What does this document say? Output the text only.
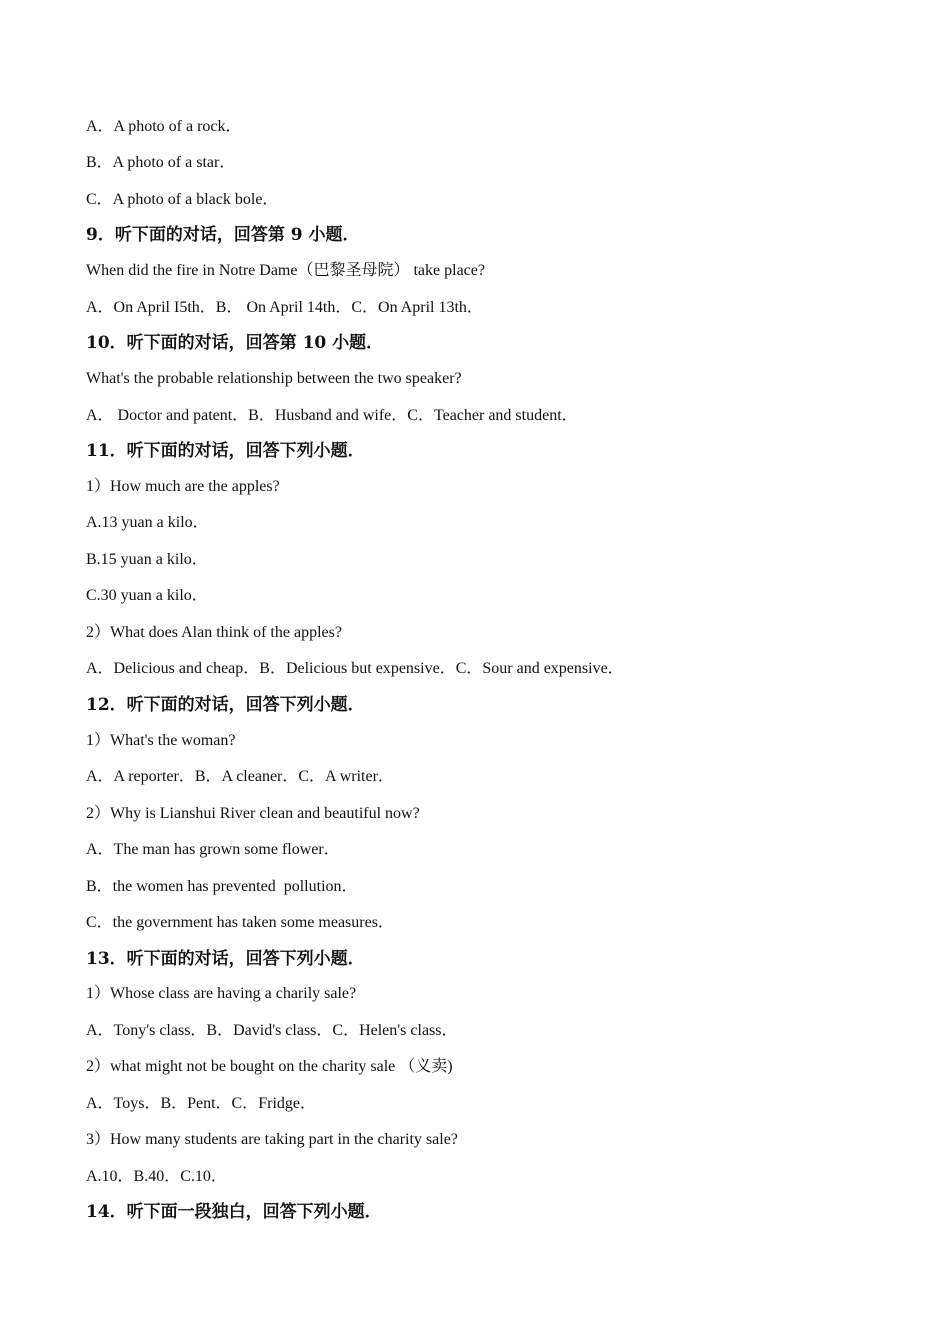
A．A photo of a rock．
B．A photo of a star．
C．A photo of a black bole．
9．听下面的对话，回答第 9 小题．
When did the fire in Notre Dame（巴黎圣母院） take place?
A．On April I5th．B． On April 14th．C．On April 13th．
10．听下面的对话，回答第 10 小题．
What's the probable relationship between the two speaker?
A． Doctor and patent．B．Husband and wife．C．Teacher and student．
11．听下面的对话，回答下列小题．
1）How much are the apples?
A.13 yuan a kilo．
B.15 yuan a kilo．
C.30 yuan a kilo．
2）What does Alan think of the apples?
A．Delicious and cheap．B．Delicious but expensive．C．Sour and expensive．
12．听下面的对话，回答下列小题．
1）What's the woman?
A．A reporter．B．A cleaner．C．A writer．
2）Why is Lianshui River clean and beautiful now?
A．The man has grown some flower．
B．the women has prevented  pollution．
C．the government has taken some measures．
13．听下面的对话，回答下列小题．
1）Whose class are having a charily sale?
A．Tony's class．B．David's class．C．Helen's class．
2）what might not be bought on the charity sale （义卖)
A．Toys．B．Pent．C．Fridge．
3）How many students are taking part in the charity sale?
A.10．B.40．C.10．
14．听下面一段独白，回答下列小题．
